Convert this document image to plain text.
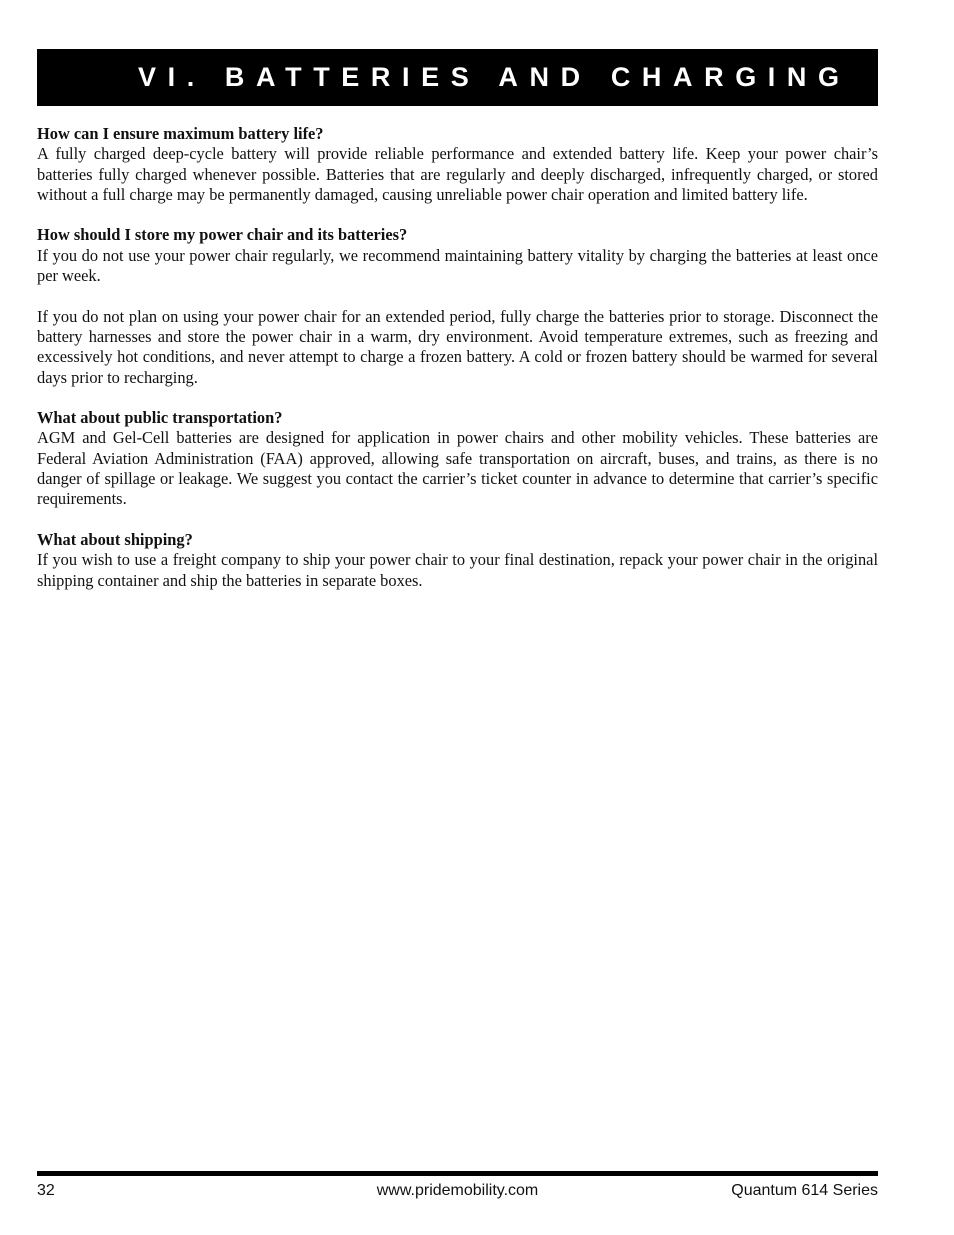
VI. BATTERIES AND CHARGING

How can I ensure maximum battery life?

A fully charged deep-cycle battery will provide reliable performance and extended battery life. Keep your power chair’s batteries fully charged whenever possible. Batteries that are regularly and deeply discharged, infrequently charged, or stored without a full charge may be permanently damaged, causing unreliable power chair operation and limited battery life.

How should I store my power chair and its batteries?

If you do not use your power chair regularly, we recommend maintaining battery vitality by charging the batteries at least once per week.

If you do not plan on using your power chair for an extended period, fully charge the batteries prior to storage. Disconnect the battery harnesses and store the power chair in a warm, dry environment. Avoid temperature extremes, such as freezing and excessively hot conditions, and never attempt to charge a frozen battery. A cold or frozen battery should be warmed for several days prior to recharging.

What about public transportation?

AGM and Gel-Cell batteries are designed for application in power chairs and other mobility vehicles. These batteries are Federal Aviation Administration (FAA) approved, allowing safe transportation on aircraft, buses, and trains, as there is no danger of spillage or leakage. We suggest you contact the carrier’s ticket counter in advance to determine that carrier’s specific requirements.

What about shipping?

If you wish to use a freight company to ship your power chair to your final destination, repack your power chair in the original shipping container and ship the batteries in separate boxes.

32	www.pridemobility.com	Quantum 614 Series
